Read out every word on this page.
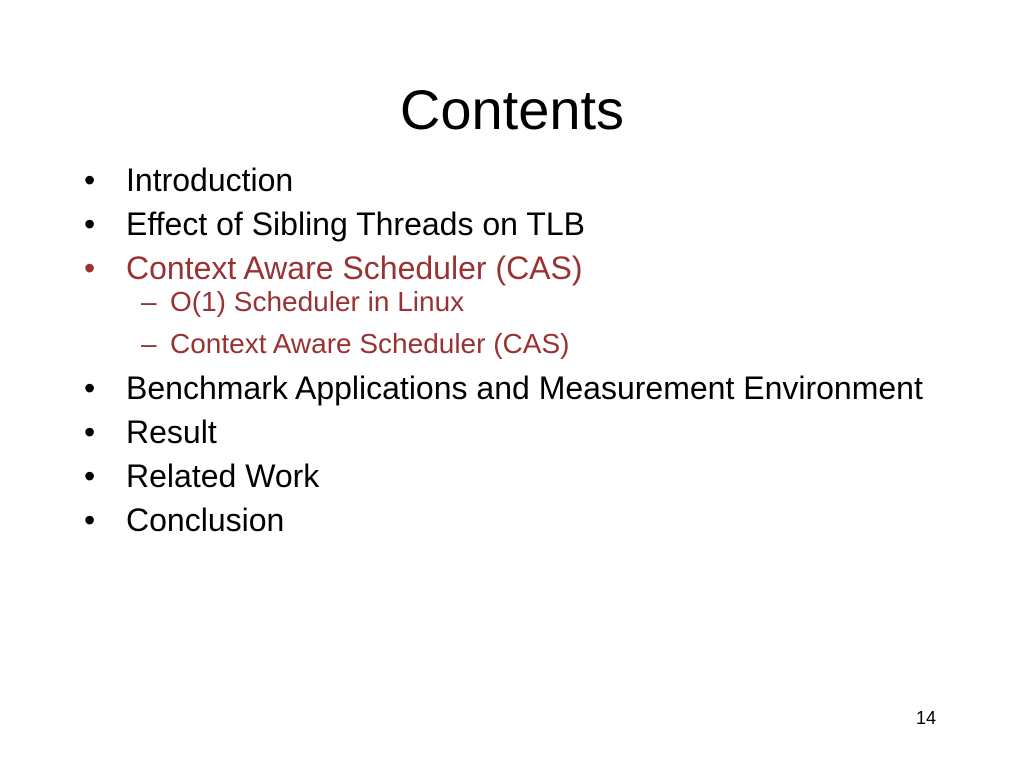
Contents
• Introduction
• Effect of Sibling Threads on TLB
• Context Aware Scheduler (CAS)
– O(1) Scheduler in Linux
– Context Aware Scheduler (CAS)
• Benchmark Applications and Measurement Environment
• Result
• Related Work
• Conclusion
14
